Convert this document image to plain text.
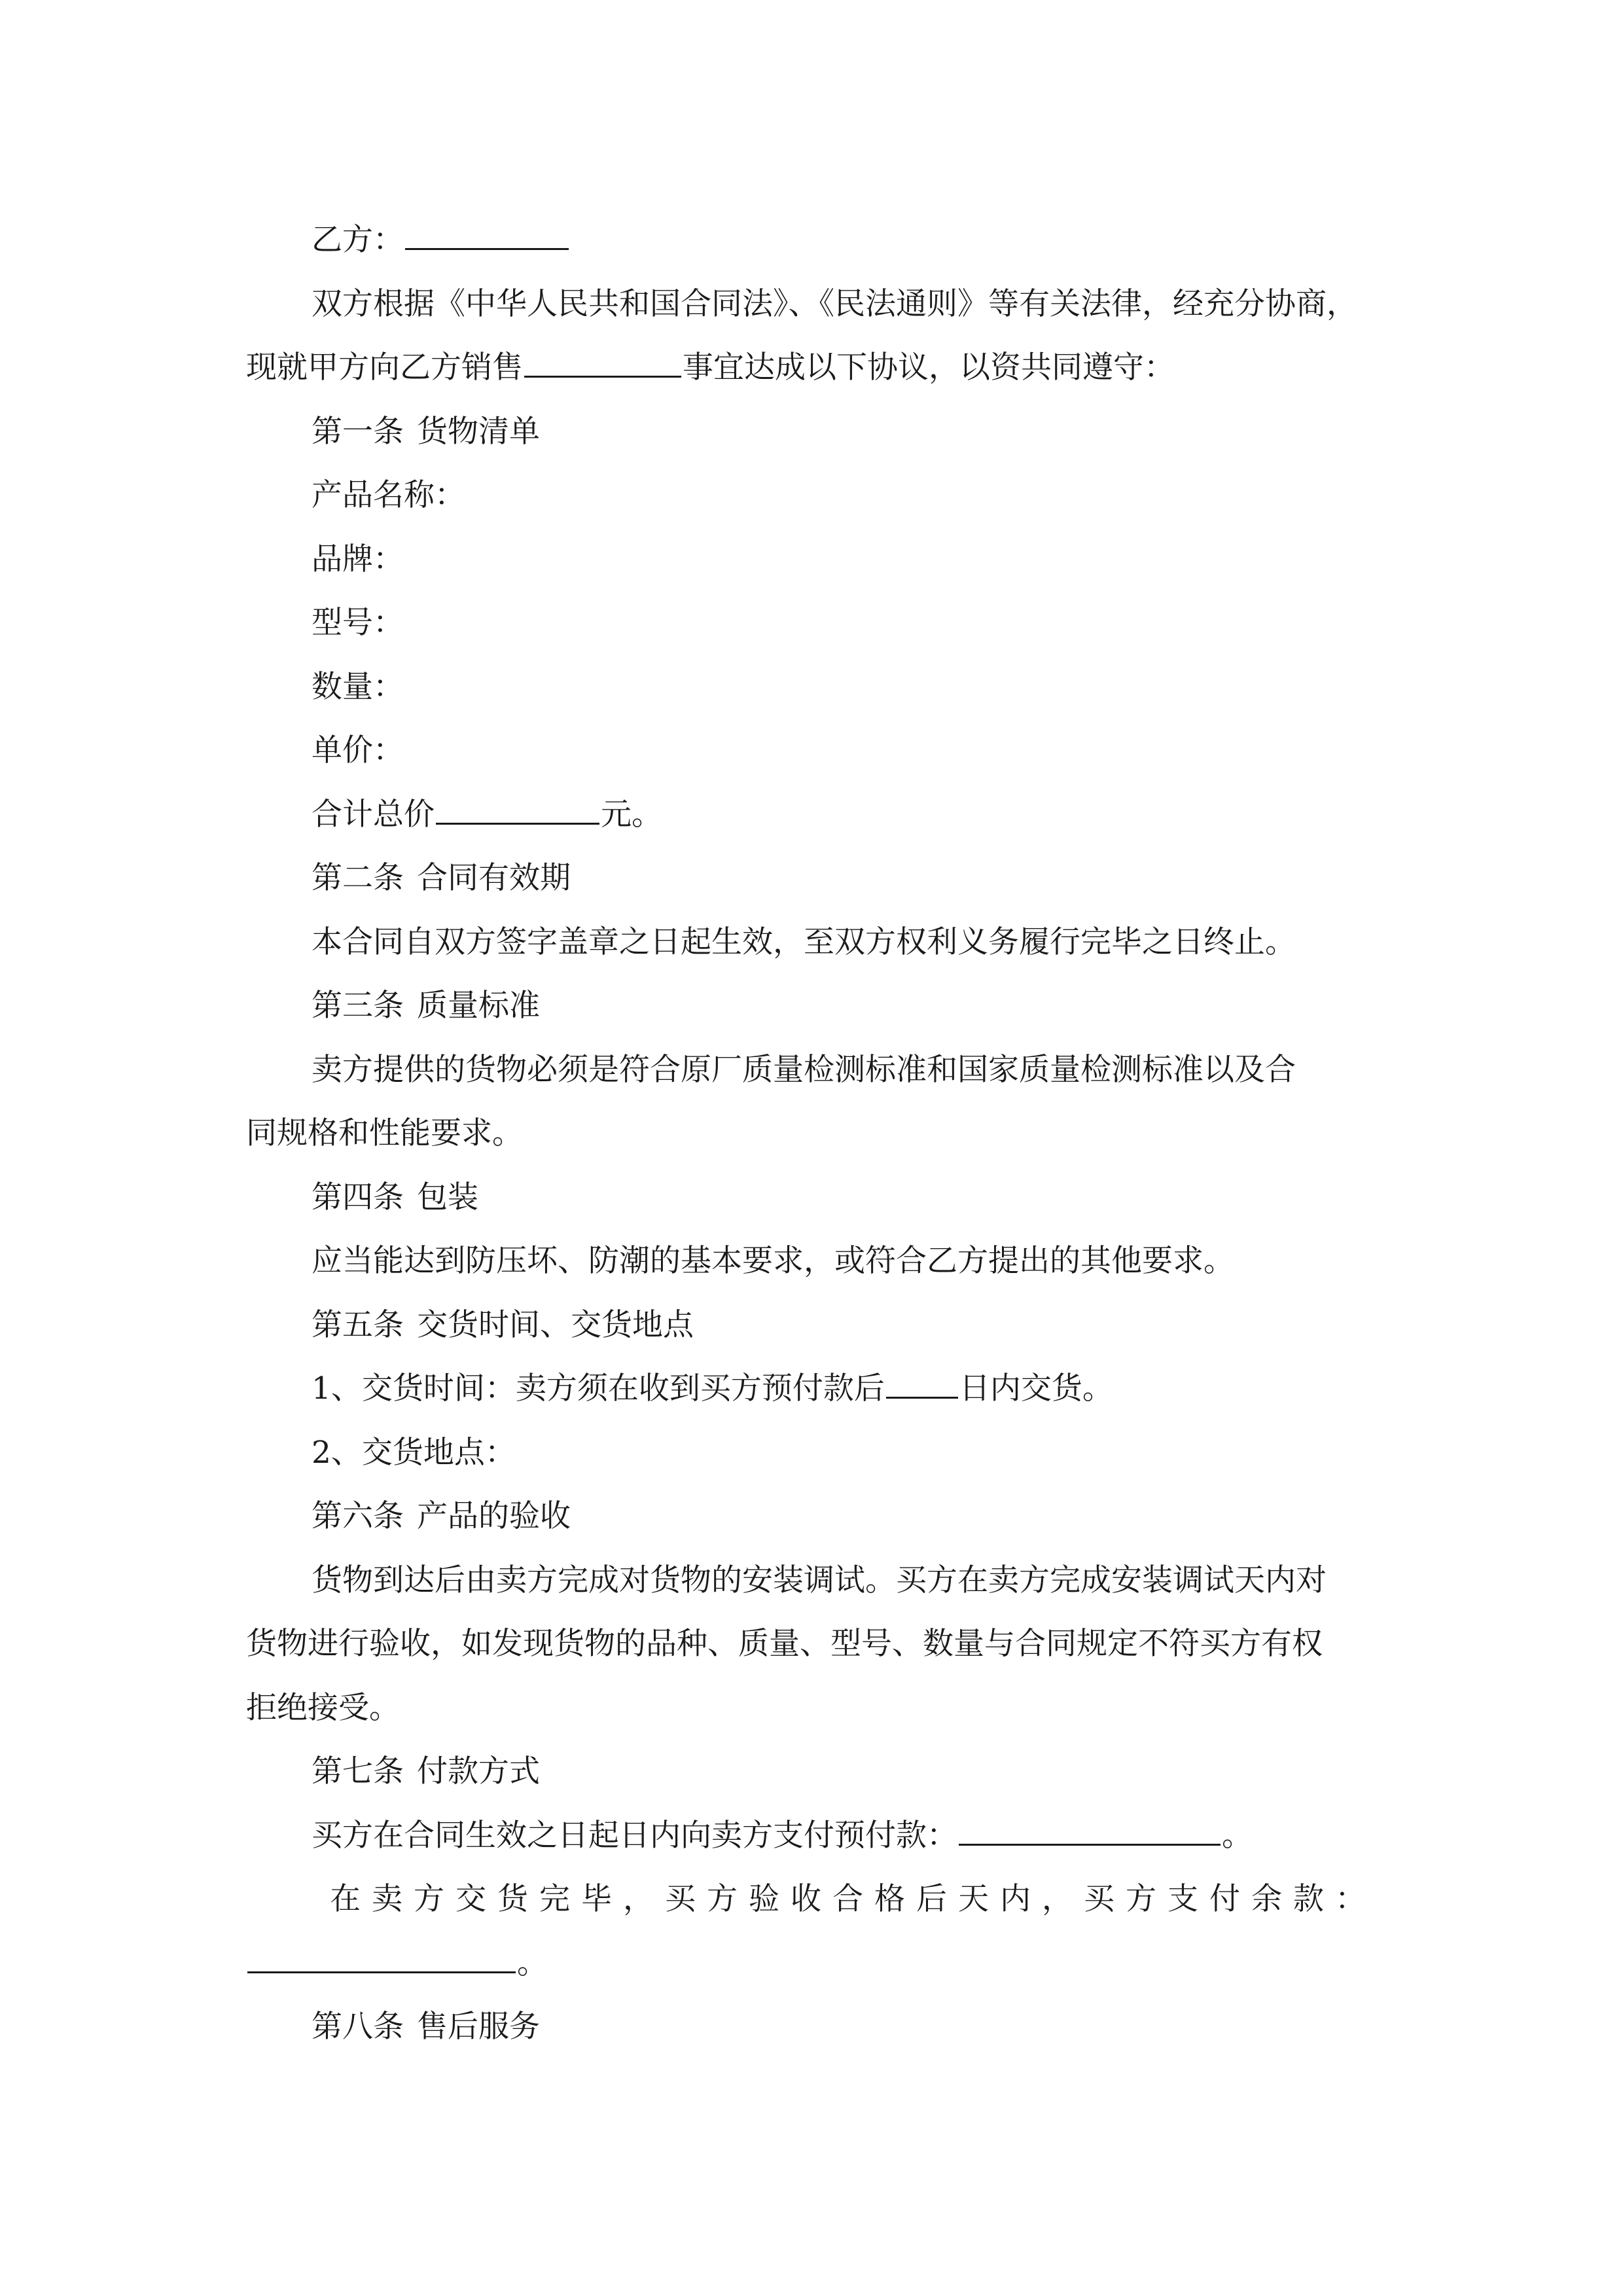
乙方：
双方根据《中华人民共和国合同法》、《民法通则》等有关法律，经充分协商，
现就甲方向乙方销售	事宜达成以下协议，以资共同遵守：
第一条 货物清单
产品名称：
品牌：
型号：
数量：
单价：
合计总价	元。
第二条 合同有效期
本合同自双方签字盖章之日起生效，至双方权利义务履行完毕之日终止。
第三条 质量标准
卖方提供的货物必须是符合原厂质量检测标准和国家质量检测标准以及合
同规格和性能要求。
第四条 包装
应当能达到防压坏、防潮的基本要求，或符合乙方提出的其他要求。
第五条 交货时间、交货地点
1、交货时间：卖方须在收到买方预付款后 日内交货。
2、交货地点：
第六条 产品的验收
货物到达后由卖方完成对货物的安装调试。买方在卖方完成安装调试天内对
货物进行验收，如发现货物的品种、质量、型号、数量与合同规定不符买方有权
拒绝接受。
第七条 付款方式
买方在合同生效之日起日内向卖方支付预付款：	。
在卖方交货完毕，买方验收合格后天内，买方支付余款：
。
第八条 售后服务
